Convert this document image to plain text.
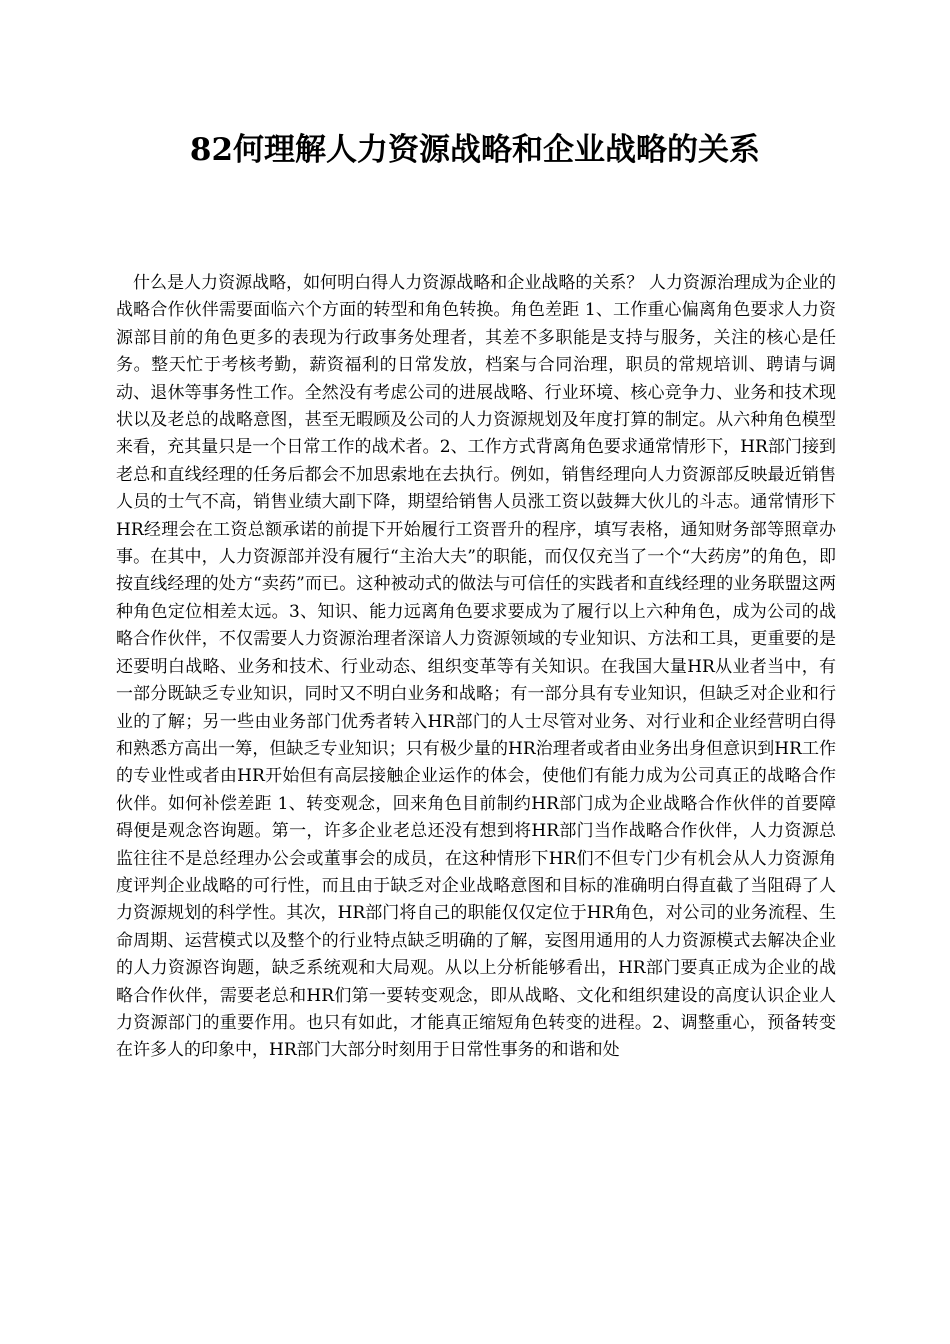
82何理解人力资源战略和企业战略的关系

什么是人力资源战略，如何明白得人力资源战略和企业战略的关系？ 人力资源治理成为企业的战略合作伙伴需要面临六个方面的转型和角色转换。角色差距 1、工作重心偏离角色要求人力资源部目前的角色更多的表现为行政事务处理者，其差不多职能是支持与服务，关注的核心是任务。整天忙于考核考勤，薪资福利的日常发放，档案与合同治理，职员的常规培训、聘请与调动、退休等事务性工作。全然没有考虑公司的进展战略、行业环境、核心竞争力、业务和技术现状以及老总的战略意图，甚至无暇顾及公司的人力资源规划及年度打算的制定。从六种角色模型来看，充其量只是一个日常工作的战术者。2、工作方式背离角色要求通常情形下，HR部门接到老总和直线经理的任务后都会不加思索地在去执行。例如，销售经理向人力资源部反映最近销售人员的士气不高，销售业绩大副下降，期望给销售人员涨工资以鼓舞大伙儿的斗志。通常情形下HR经理会在工资总额承诺的前提下开始履行工资晋升的程序，填写表格，通知财务部等照章办事。在其中，人力资源部并没有履行“主治大夫”的职能，而仅仅充当了一个“大药房”的角色，即按直线经理的处方“卖药”而已。这种被动式的做法与可信任的实践者和直线经理的业务联盟这两种角色定位相差太远。3、知识、能力远离角色要求要成为了履行以上六种角色，成为公司的战略合作伙伴，不仅需要人力资源治理者深谙人力资源领域的专业知识、方法和工具，更重要的是还要明白战略、业务和技术、行业动态、组织变革等有关知识。在我国大量HR从业者当中，有一部分既缺乏专业知识，同时又不明白业务和战略；有一部分具有专业知识，但缺乏对企业和行业的了解；另一些由业务部门优秀者转入HR部门的人士尽管对业务、对行业和企业经营明白得和熟悉方高出一筹，但缺乏专业知识；只有极少量的HR治理者或者由业务出身但意识到HR工作的专业性或者由HR开始但有高层接触企业运作的体会，使他们有能力成为公司真正的战略合作伙伴。如何补偿差距 1、转变观念，回来角色目前制约HR部门成为企业战略合作伙伴的首要障碍便是观念咨询题。第一，许多企业老总还没有想到将HR部门当作战略合作伙伴，人力资源总监往往不是总经理办公会或董事会的成员，在这种情形下HR们不但专门少有机会从人力资源角度评判企业战略的可行性，而且由于缺乏对企业战略意图和目标的准确明白得直截了当阻碍了人力资源规划的科学性。其次，HR部门将自己的职能仅仅定位于HR角色，对公司的业务流程、生命周期、运营模式以及整个的行业特点缺乏明确的了解，妄图用通用的人力资源模式去解决企业的人力资源咨询题，缺乏系统观和大局观。从以上分析能够看出，HR部门要真正成为企业的战略合作伙伴，需要老总和HR们第一要转变观念，即从战略、文化和组织建设的高度认识企业人力资源部门的重要作用。也只有如此，才能真正缩短角色转变的进程。2、调整重心，预备转变在许多人的印象中，HR部门大部分时刻用于日常性事务的和谐和处
